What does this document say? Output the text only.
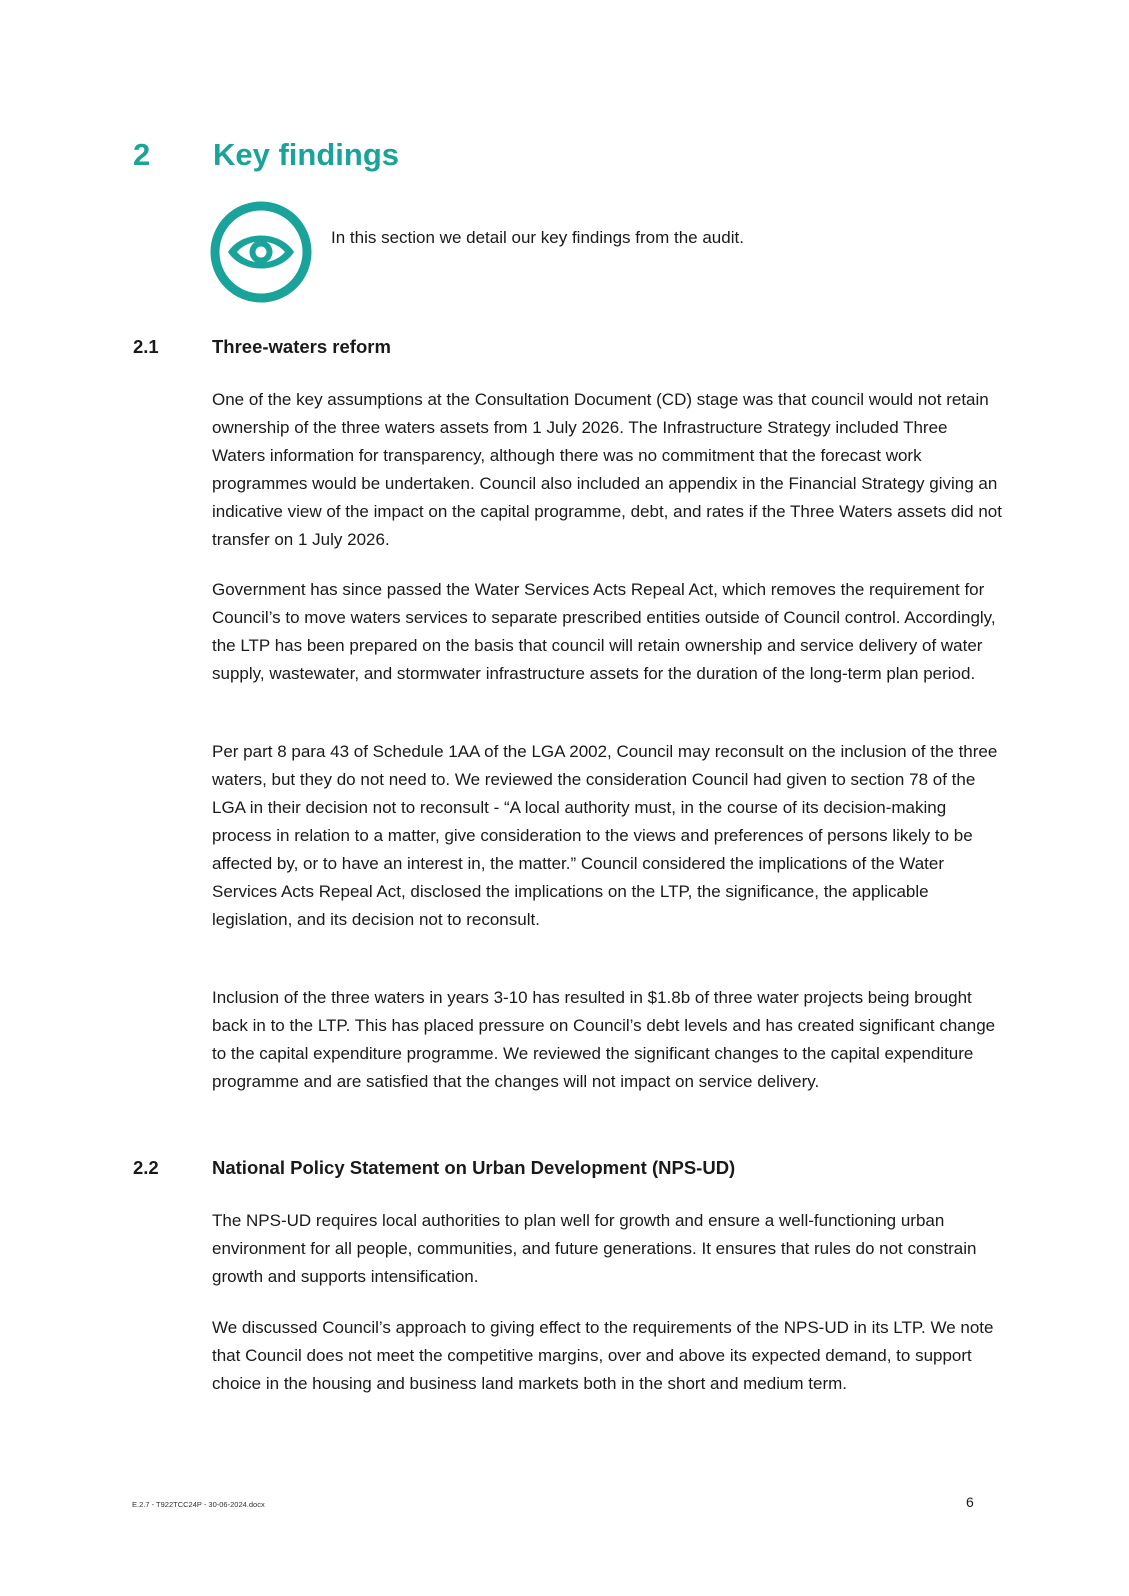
2	Key findings
In this section we detail our key findings from the audit.
2.1	Three-waters reform

One of the key assumptions at the Consultation Document (CD) stage was that council would not retain ownership of the three waters assets from 1 July 2026. The Infrastructure Strategy included Three Waters information for transparency, although there was no commitment that the forecast work programmes would be undertaken. Council also included an appendix in the Financial Strategy giving an indicative view of the impact on the capital programme, debt, and rates if the Three Waters assets did not transfer on 1 July 2026.

Government has since passed the Water Services Acts Repeal Act, which removes the requirement for Council’s to move waters services to separate prescribed entities outside of Council control. Accordingly, the LTP has been prepared on the basis that council will retain ownership and service delivery of water supply, wastewater, and stormwater infrastructure assets for the duration of the long-term plan period.

Per part 8 para 43 of Schedule 1AA of the LGA 2002, Council may reconsult on the inclusion of the three waters, but they do not need to. We reviewed the consideration Council had given to section 78 of the LGA in their decision not to reconsult - “A local authority must, in the course of its decision-making process in relation to a matter, give consideration to the views and preferences of persons likely to be affected by, or to have an interest in, the matter.” Council considered the implications of the Water Services Acts Repeal Act, disclosed the implications on the LTP, the significance, the applicable legislation, and its decision not to reconsult.

Inclusion of the three waters in years 3-10 has resulted in $1.8b of three water projects being brought back in to the LTP. This has placed pressure on Council’s debt levels and has created significant change to the capital expenditure programme. We reviewed the significant changes to the capital expenditure programme and are satisfied that the changes will not impact on service delivery.

2.2	National Policy Statement on Urban Development (NPS-UD)

The NPS-UD requires local authorities to plan well for growth and ensure a well-functioning urban environment for all people, communities, and future generations. It ensures that rules do not constrain growth and supports intensification.

We discussed Council’s approach to giving effect to the requirements of the NPS-UD in its LTP. We note that Council does not meet the competitive margins, over and above its expected demand, to support choice in the housing and business land markets both in the short and medium term.

E.2.7 - T922TCC24P - 30-06-2024.docx	6
